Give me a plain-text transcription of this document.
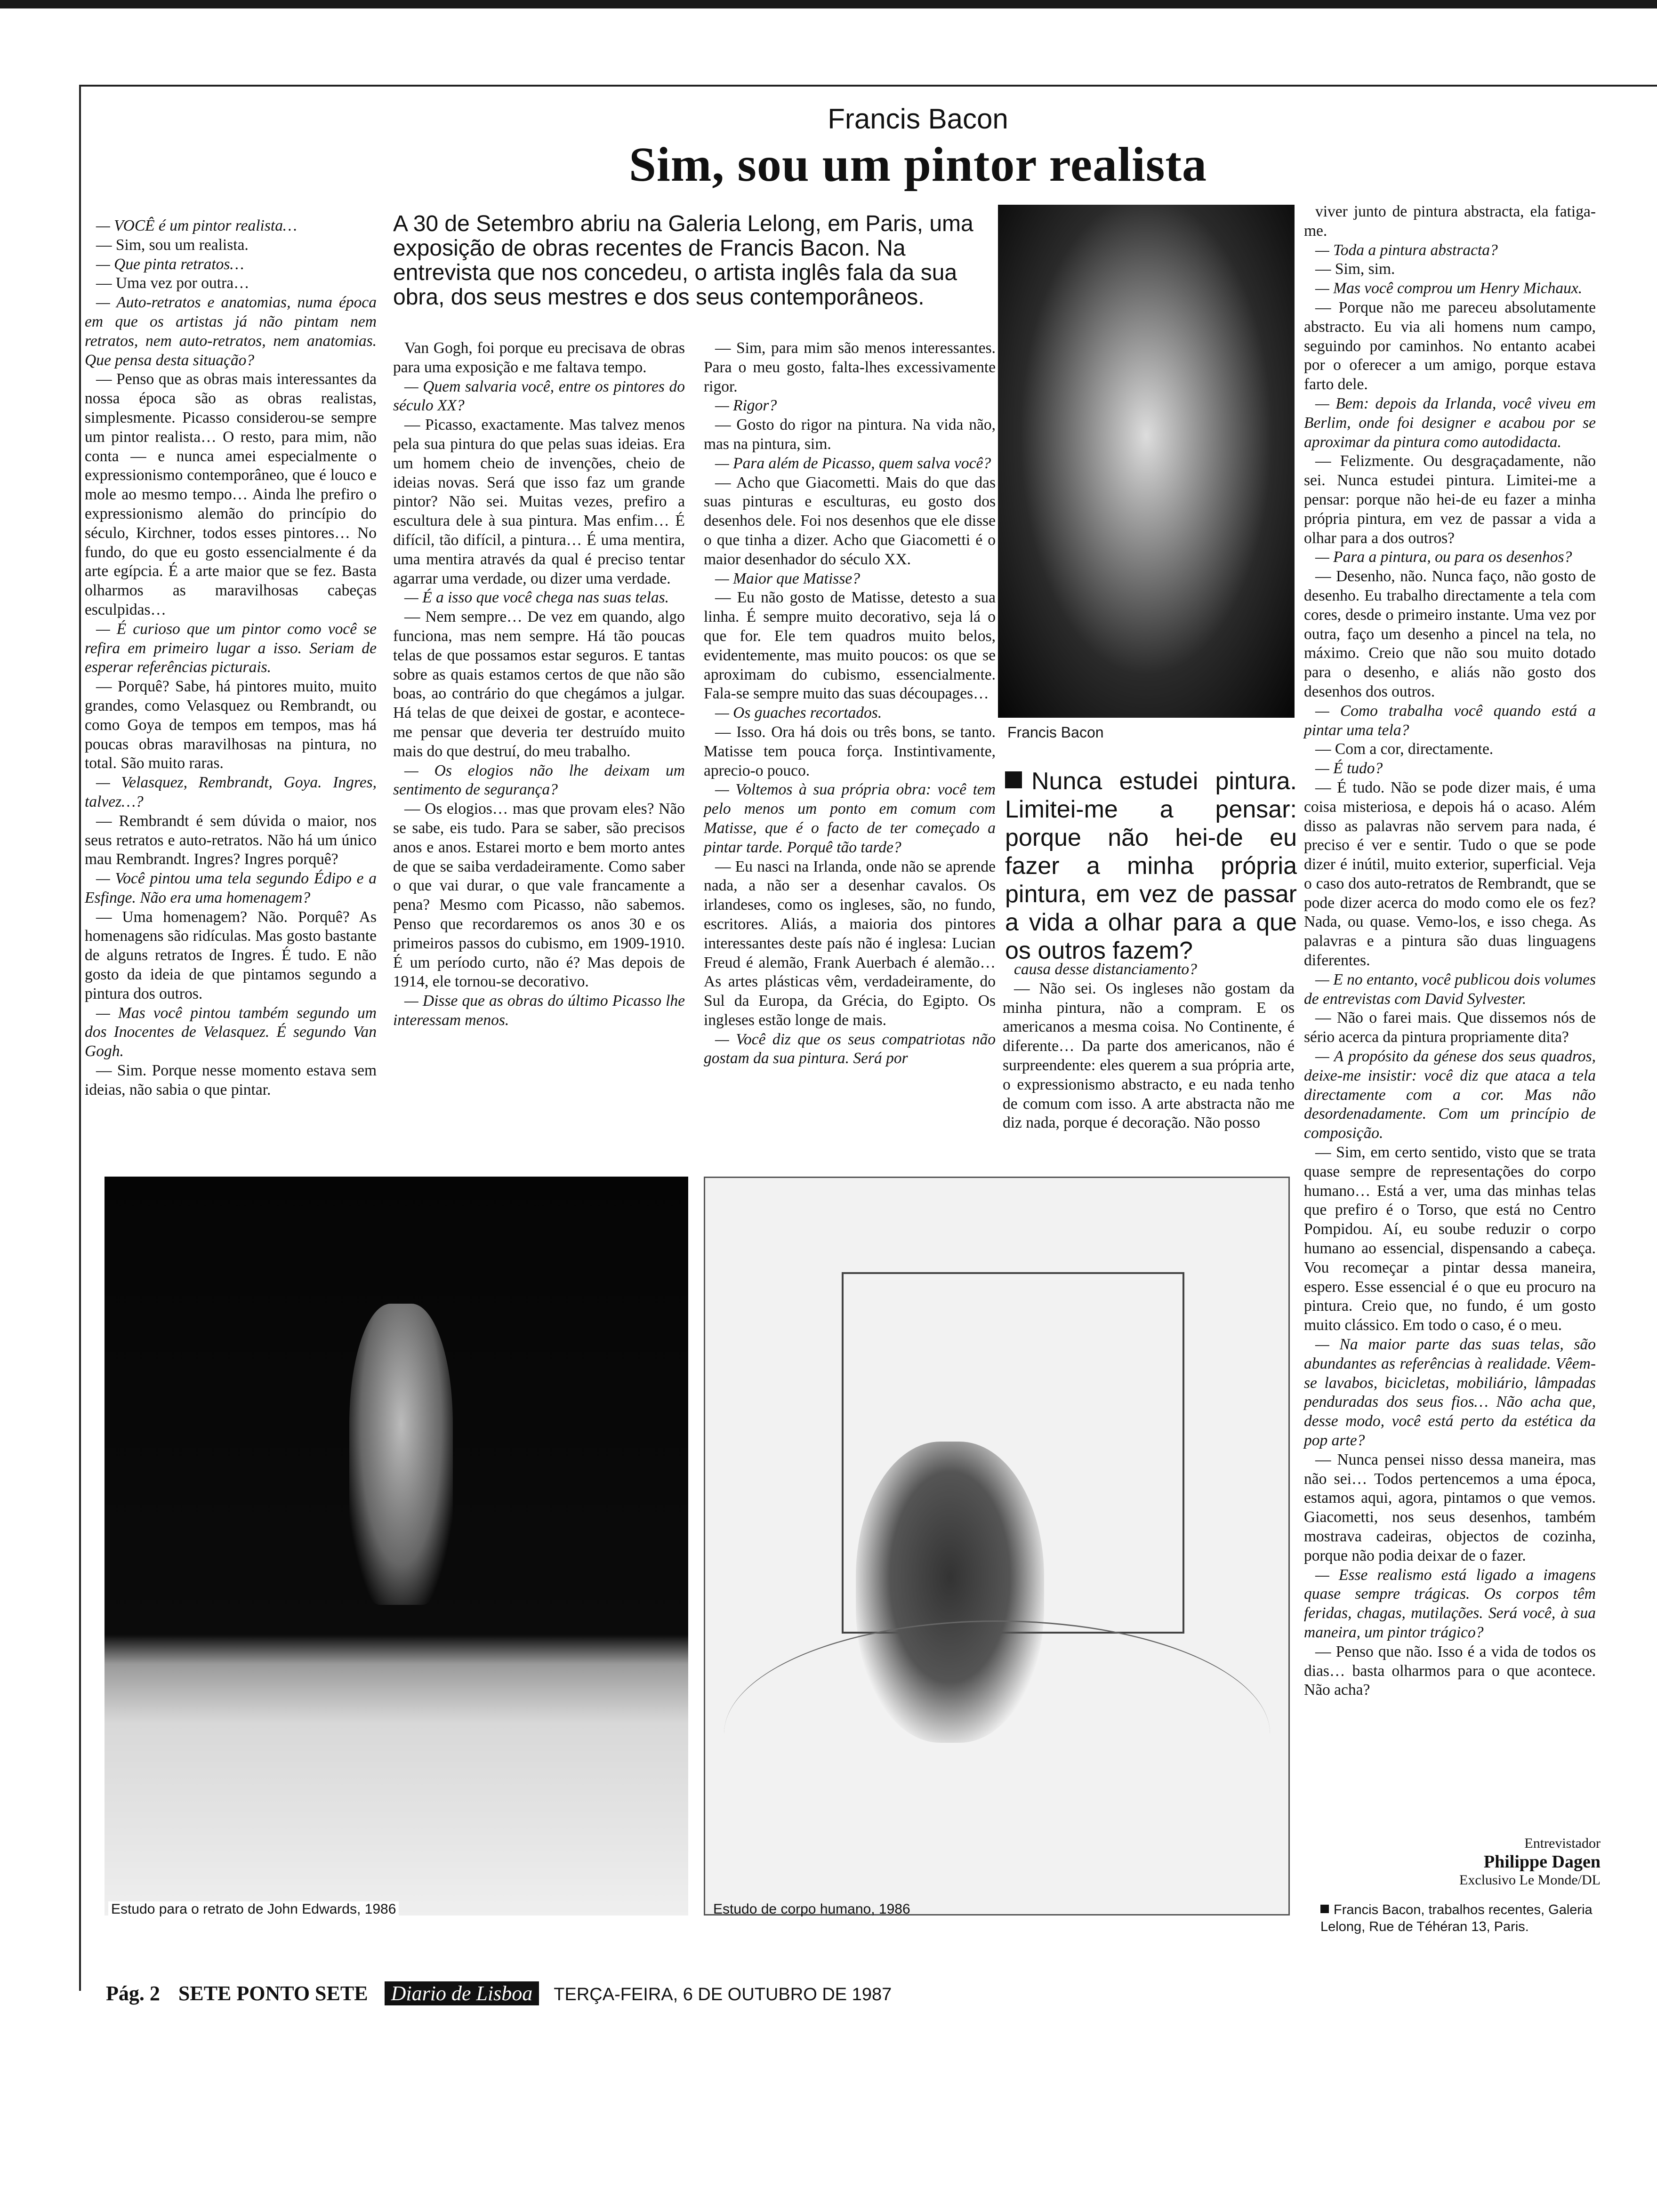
Francis Bacon
Sim, sou um pintor realista
A 30 de Setembro abriu na Galeria Lelong, em Paris, uma exposição de obras recentes de Francis Bacon. Na entrevista que nos concedeu, o artista inglês fala da sua obra, dos seus mestres e dos seus contemporâneos.

— VOCÊ é um pintor realista…

— Sim, sou um realista.

— Que pinta retratos…

— Uma vez por outra…

— Auto-retratos e anatomias, numa época em que os artistas já não pintam nem retratos, nem auto-retratos, nem anatomias. Que pensa desta situação?

— Penso que as obras mais interessantes da nossa época são as obras realistas, simplesmente. Picasso considerou-se sempre um pintor realista… O resto, para mim, não conta — e nunca amei especialmente o expressionismo contemporâneo, que é louco e mole ao mesmo tempo… Ainda lhe prefiro o expressionismo alemão do princípio do século, Kirchner, todos esses pintores… No fundo, do que eu gosto essencialmente é da arte egípcia. É a arte maior que se fez. Basta olharmos as maravilhosas cabeças esculpidas…

— É curioso que um pintor como você se refira em primeiro lugar a isso. Seriam de esperar referências picturais.

— Porquê? Sabe, há pintores muito, muito grandes, como Velasquez ou Rembrandt, ou como Goya de tempos em tempos, mas há poucas obras maravilhosas na pintura, no total. São muito raras.

— Velasquez, Rembrandt, Goya. Ingres, talvez…?

— Rembrandt é sem dúvida o maior, nos seus retratos e auto-retratos. Não há um único mau Rembrandt. Ingres? Ingres porquê?

— Você pintou uma tela segundo Édipo e a Esfinge. Não era uma homenagem?

— Uma homenagem? Não. Porquê? As homenagens são ridículas. Mas gosto bastante de alguns retratos de Ingres. É tudo. E não gosto da ideia de que pintamos segundo a pintura dos outros.

— Mas você pintou também segundo um dos Inocentes de Velasquez. É segundo Van Gogh.

— Sim. Porque nesse momento estava sem ideias, não sabia o que pintar.

Van Gogh, foi porque eu precisava de obras para uma exposição e me faltava tempo.

— Quem salvaria você, entre os pintores do século XX?

— Picasso, exactamente. Mas talvez menos pela sua pintura do que pelas suas ideias. Era um homem cheio de invenções, cheio de ideias novas. Será que isso faz um grande pintor? Não sei. Muitas vezes, prefiro a escultura dele à sua pintura. Mas enfim… É difícil, tão difícil, a pintura… É uma mentira, uma mentira através da qual é preciso tentar agarrar uma verdade, ou dizer uma verdade.

— É a isso que você chega nas suas telas.

— Nem sempre… De vez em quando, algo funciona, mas nem sempre. Há tão poucas telas de que possamos estar seguros. E tantas sobre as quais estamos certos de que não são boas, ao contrário do que chegámos a julgar. Há telas de que deixei de gostar, e acontece-me pensar que deveria ter destruído muito mais do que destruí, do meu trabalho.

— Os elogios não lhe deixam um sentimento de segurança?

— Os elogios… mas que provam eles? Não se sabe, eis tudo. Para se saber, são precisos anos e anos. Estarei morto e bem morto antes de que se saiba verdadeiramente. Como saber o que vai durar, o que vale francamente a pena? Mesmo com Picasso, não sabemos. Penso que recordaremos os anos 30 e os primeiros passos do cubismo, em 1909-1910. É um período curto, não é? Mas depois de 1914, ele tornou-se decorativo.

— Disse que as obras do último Picasso lhe interessam menos.

— Sim, para mim são menos interessantes. Para o meu gosto, falta-lhes excessivamente rigor.

— Rigor?

— Gosto do rigor na pintura. Na vida não, mas na pintura, sim.

— Para além de Picasso, quem salva você?

— Acho que Giacometti. Mais do que das suas pinturas e esculturas, eu gosto dos desenhos dele. Foi nos desenhos que ele disse o que tinha a dizer. Acho que Giacometti é o maior desenhador do século XX.

— Maior que Matisse?

— Eu não gosto de Matisse, detesto a sua linha. É sempre muito decorativo, seja lá o que for. Ele tem quadros muito belos, evidentemente, mas muito poucos: os que se aproximam do cubismo, essencialmente. Fala-se sempre muito das suas découpages…

— Os guaches recortados.

— Isso. Ora há dois ou três bons, se tanto. Matisse tem pouca força. Instintivamente, aprecio-o pouco.

— Voltemos à sua própria obra: você tem pelo menos um ponto em comum com Matisse, que é o facto de ter começado a pintar tarde. Porquê tão tarde?

— Eu nasci na Irlanda, onde não se aprende nada, a não ser a desenhar cavalos. Os irlandeses, como os ingleses, são, no fundo, escritores. Aliás, a maioria dos pintores interessantes deste país não é inglesa: Lucian Freud é alemão, Frank Auerbach é alemão… As artes plásticas vêm, verdadeiramente, do Sul da Europa, da Grécia, do Egipto. Os ingleses estão longe de mais.

— Você diz que os seus compatriotas não gostam da sua pintura. Será por

causa desse distanciamento?

— Não sei. Os ingleses não gostam da minha pintura, não a compram. E os americanos a mesma coisa. No Continente, é diferente… Da parte dos americanos, não é surpreendente: eles querem a sua própria arte, o expressionismo abstracto, e eu nada tenho de comum com isso. A arte abstracta não me diz nada, porque é decoração. Não posso

viver junto de pintura abstracta, ela fatiga-me.

— Toda a pintura abstracta?

— Sim, sim.

— Mas você comprou um Henry Michaux.

— Porque não me pareceu absolutamente abstracto. Eu via ali homens num campo, seguindo por caminhos. No entanto acabei por o oferecer a um amigo, porque estava farto dele.

— Bem: depois da Irlanda, você viveu em Berlim, onde foi designer e acabou por se aproximar da pintura como autodidacta.

— Felizmente. Ou desgraçadamente, não sei. Nunca estudei pintura. Limitei-me a pensar: porque não hei-de eu fazer a minha própria pintura, em vez de passar a vida a olhar para a dos outros?

— Para a pintura, ou para os desenhos?

— Desenho, não. Nunca faço, não gosto de desenho. Eu trabalho directamente a tela com cores, desde o primeiro instante. Uma vez por outra, faço um desenho a pincel na tela, no máximo. Creio que não sou muito dotado para o desenho, e aliás não gosto dos desenhos dos outros.

— Como trabalha você quando está a pintar uma tela?

— Com a cor, directamente.

— É tudo?

— É tudo. Não se pode dizer mais, é uma coisa misteriosa, e depois há o acaso. Além disso as palavras não servem para nada, é preciso é ver e sentir. Tudo o que se pode dizer é inútil, muito exterior, superficial. Veja o caso dos auto-retratos de Rembrandt, que se pode dizer acerca do modo como ele os fez? Nada, ou quase. Vemo-los, e isso chega. As palavras e a pintura são duas linguagens diferentes.

— E no entanto, você publicou dois volumes de entrevistas com David Sylvester.

— Não o farei mais. Que dissemos nós de sério acerca da pintura propriamente dita?

— A propósito da génese dos seus quadros, deixe-me insistir: você diz que ataca a tela directamente com a cor. Mas não desordenadamente. Com um princípio de composição.

— Sim, em certo sentido, visto que se trata quase sempre de representações do corpo humano… Está a ver, uma das minhas telas que prefiro é o Torso, que está no Centro Pompidou. Aí, eu soube reduzir o corpo humano ao essencial, dispensando a cabeça. Vou recomeçar a pintar dessa maneira, espero. Esse essencial é o que eu procuro na pintura. Creio que, no fundo, é um gosto muito clássico. Em todo o caso, é o meu.

— Na maior parte das suas telas, são abundantes as referências à realidade. Vêem-se lavabos, bicicletas, mobiliário, lâmpadas penduradas dos seus fios… Não acha que, desse modo, você está perto da estética da pop arte?

— Nunca pensei nisso dessa maneira, mas não sei… Todos pertencemos a uma época, estamos aqui, agora, pintamos o que vemos. Giacometti, nos seus desenhos, também mostrava cadeiras, objectos de cozinha, porque não podia deixar de o fazer.

— Esse realismo está ligado a imagens quase sempre trágicas. Os corpos têm feridas, chagas, mutilações. Será você, à sua maneira, um pintor trágico?

— Penso que não. Isso é a vida de todos os dias… basta olharmos para o que acontece. Não acha?

Francis Bacon
Nunca estudei pintura. Limitei-me a pensar: porque não hei-de eu fazer a minha própria pintura, em vez de passar a vida a olhar para a que os outros fazem?
Estudo para o retrato de John Edwards, 1986	Estudo de corpo humano, 1986
Entrevistador
Philippe Dagen
Exclusivo Le Monde/DL
Francis Bacon, trabalhos recentes, Galeria Lelong, Rue de Téhéran 13, Paris.
Pág. 2 SETE PONTO SETE Diario de Lisboa TERÇA-FEIRA, 6 DE OUTUBRO DE 1987
